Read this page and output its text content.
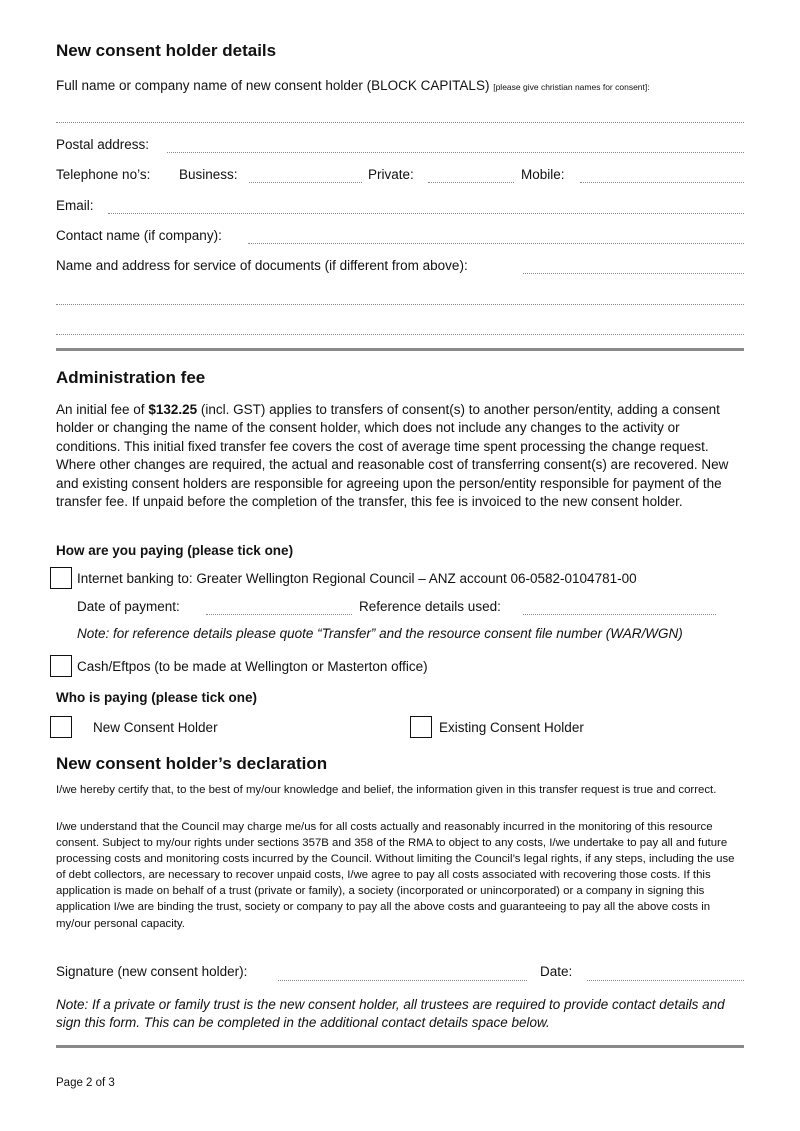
New consent holder details
Full name or company name of new consent holder (BLOCK CAPITALS) [please give christian names for consent]:
Postal address:
Telephone no’s: Business:	Private:	Mobile:
Email:
Contact name (if company):
Name and address for service of documents (if different from above):
Administration fee
An initial fee of $132.25 (incl. GST) applies to transfers of consent(s) to another person/entity, adding a consent holder or changing the name of the consent holder, which does not include any changes to the activity or conditions. This initial fixed transfer fee covers the cost of average time spent processing the change request. Where other changes are required, the actual and reasonable cost of transferring consent(s) are recovered. New and existing consent holders are responsible for agreeing upon the person/entity responsible for payment of the transfer fee. If unpaid before the completion of the transfer, this fee is invoiced to the new consent holder.
How are you paying (please tick one)
Internet banking to: Greater Wellington Regional Council – ANZ account 06-0582-0104781-00
Date of payment:	Reference details used:
Note: for reference details please quote “Transfer” and the resource consent file number (WAR/WGN)
Cash/Eftpos (to be made at Wellington or Masterton office)
Who is paying (please tick one)
New Consent Holder	Existing Consent Holder
New consent holder’s declaration
I/we hereby certify that, to the best of my/our knowledge and belief, the information given in this transfer request is true and correct.
I/we understand that the Council may charge me/us for all costs actually and reasonably incurred in the monitoring of this resource consent. Subject to my/our rights under sections 357B and 358 of the RMA to object to any costs, I/we undertake to pay all and future processing costs and monitoring costs incurred by the Council. Without limiting the Council’s legal rights, if any steps, including the use of debt collectors, are necessary to recover unpaid costs, I/we agree to pay all costs associated with recovering those costs. If this application is made on behalf of a trust (private or family), a society (incorporated or unincorporated) or a company in signing this application I/we are binding the trust, society or company to pay all the above costs and guaranteeing to pay all the above costs in my/our personal capacity.
Signature (new consent holder):	Date:
Note: If a private or family trust is the new consent holder, all trustees are required to provide contact details and sign this form. This can be completed in the additional contact details space below.
Page 2 of 3
